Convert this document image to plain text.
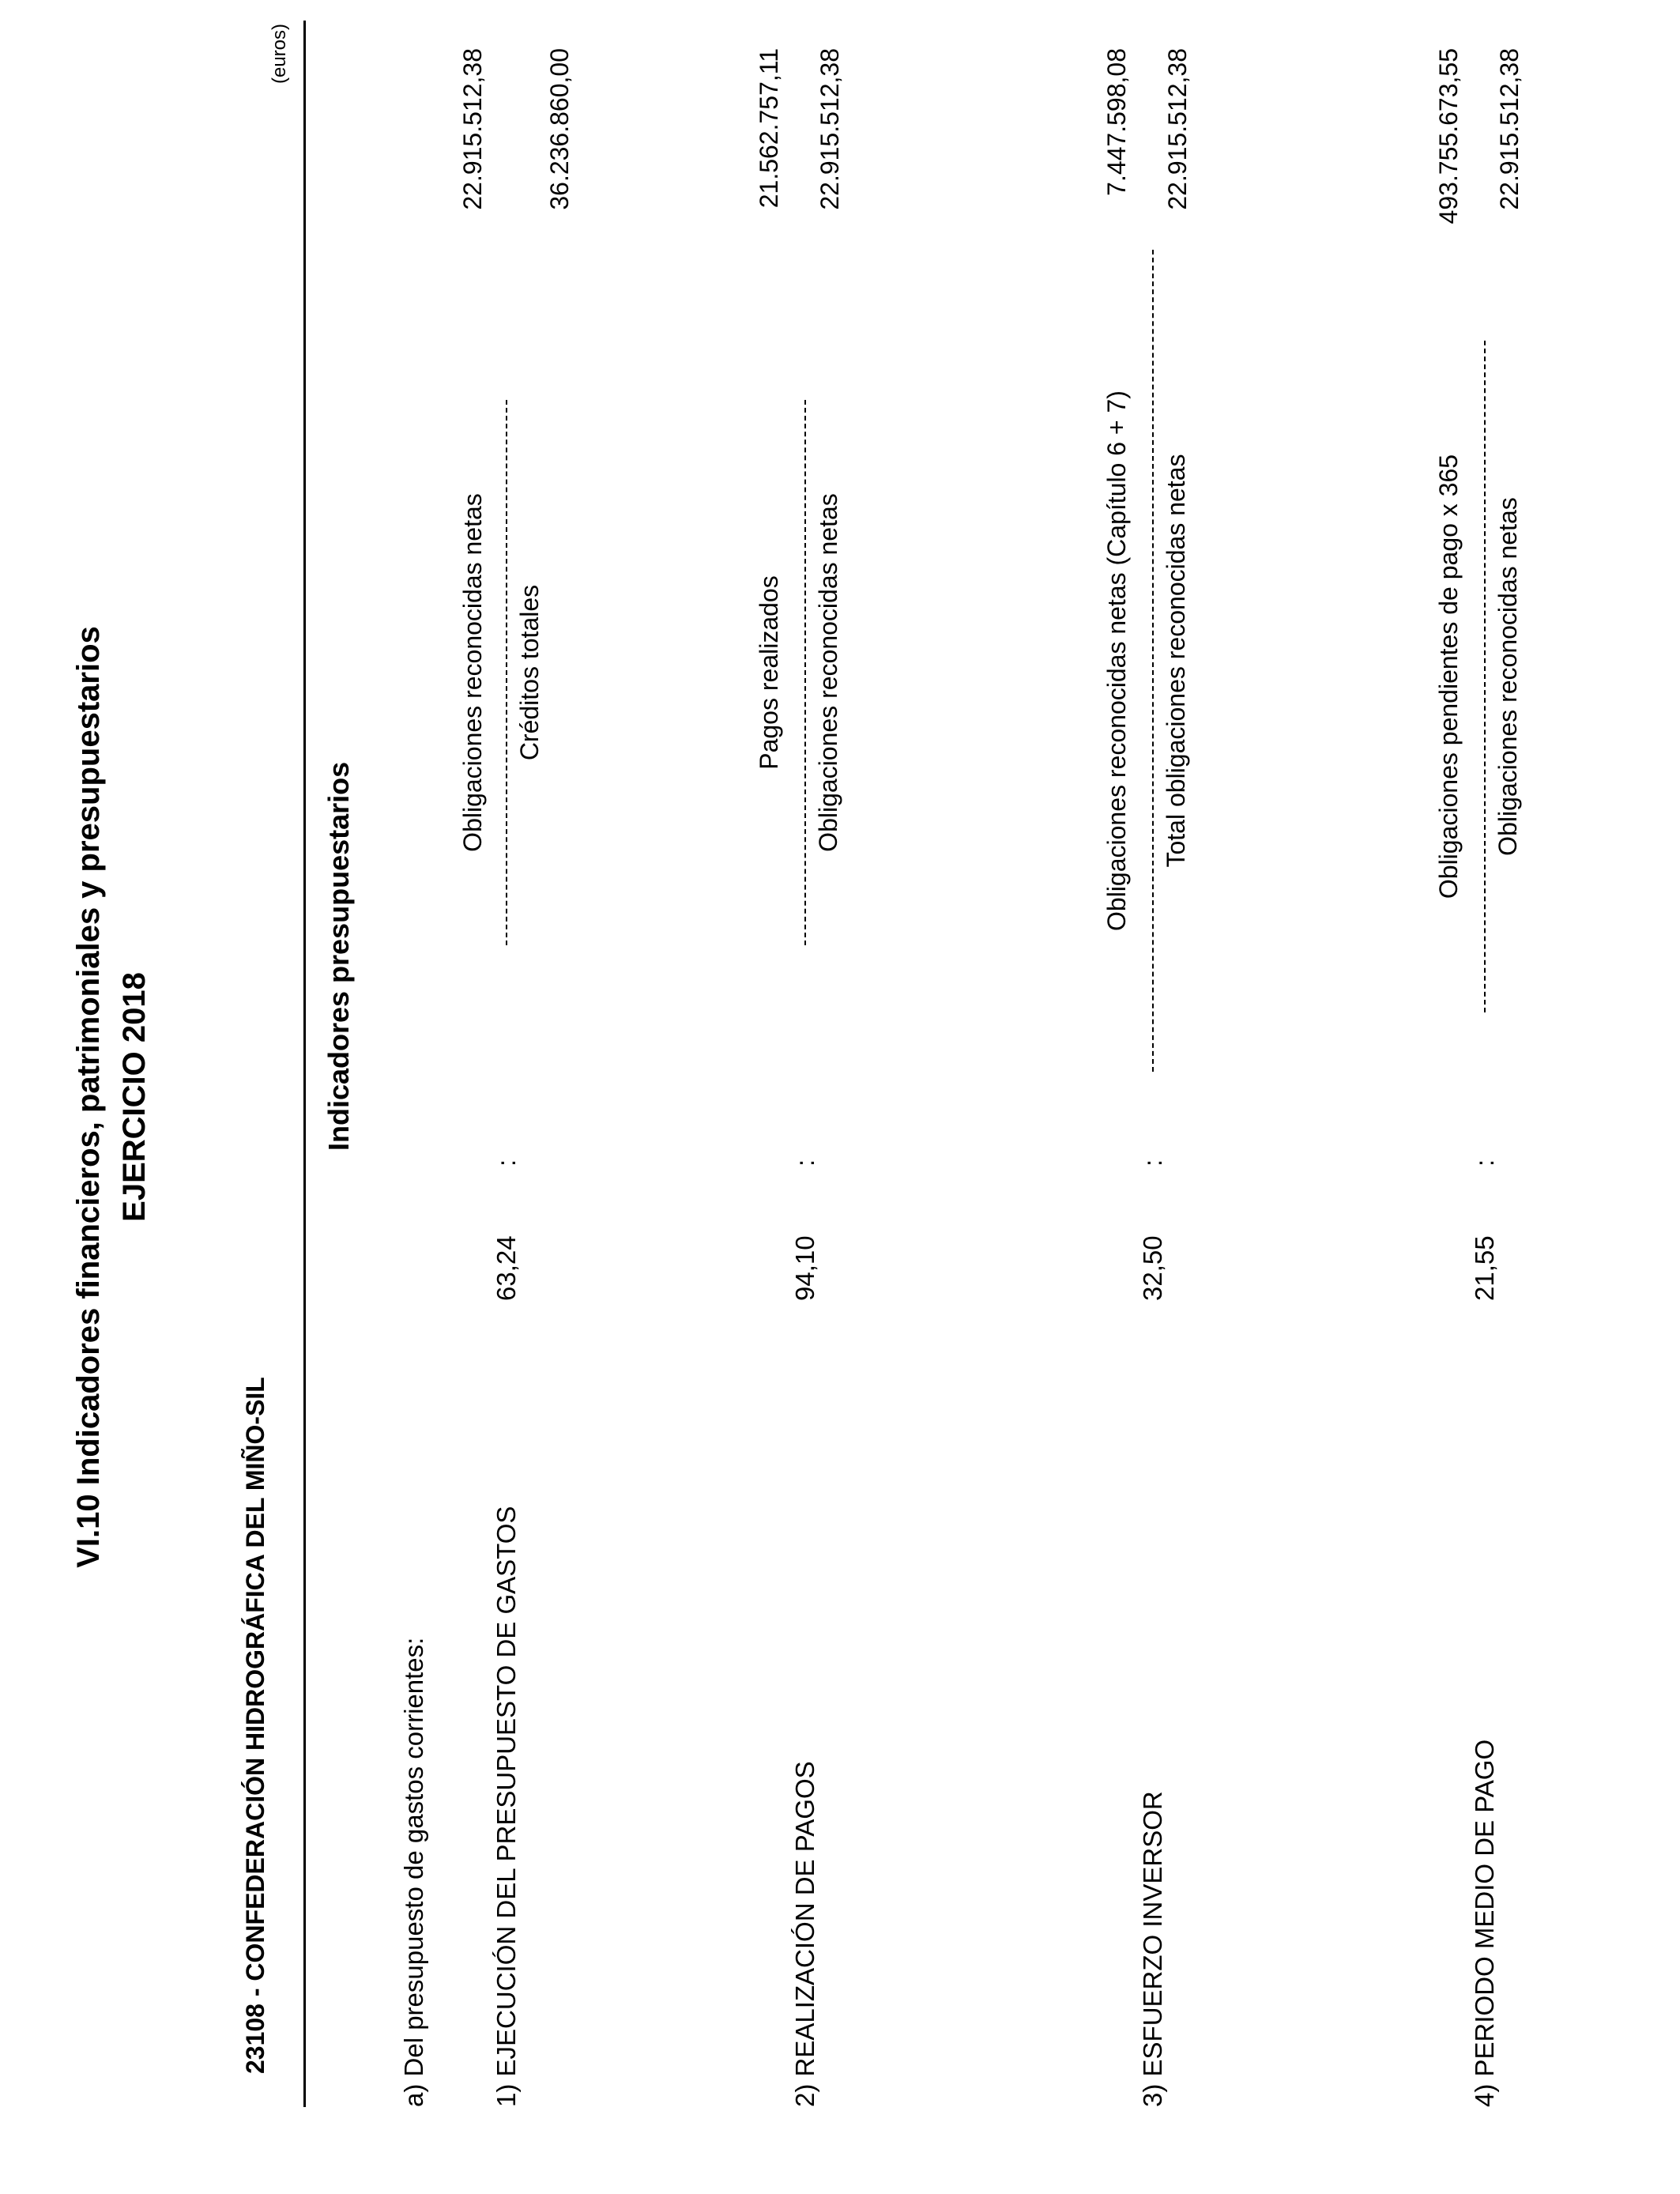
VI.10 Indicadores financieros, patrimoniales y presupuestarios EJERCICIO 2018
23108 - CONFEDERACIÓN HIDROGRÁFICA DEL MIÑO-SIL
(euros)
Indicadores presupuestarios
a) Del presupuesto de gastos corrientes: 1) EJECUCIÓN DEL PRESUPUESTO DE GASTOS
63,24
:
Obligaciones reconocidas netas Créditos totales
22.915.512,38 36.236.860,00
2) REALIZACIÓN DE PAGOS
94,10
:
Pagos realizados Obligaciones reconocidas netas
21.562.757,11 22.915.512,38
3) ESFUERZO INVERSOR
32,50
:
Obligaciones reconocidas netas (Capítulo 6 + 7) Total obligaciones reconocidas netas
7.447.598,08 22.915.512,38
4) PERIODO MEDIO DE PAGO
21,55
:
Obligaciones pendientes de pago x 365 Obligaciones reconocidas netas
493.755.673,55 22.915.512,38
